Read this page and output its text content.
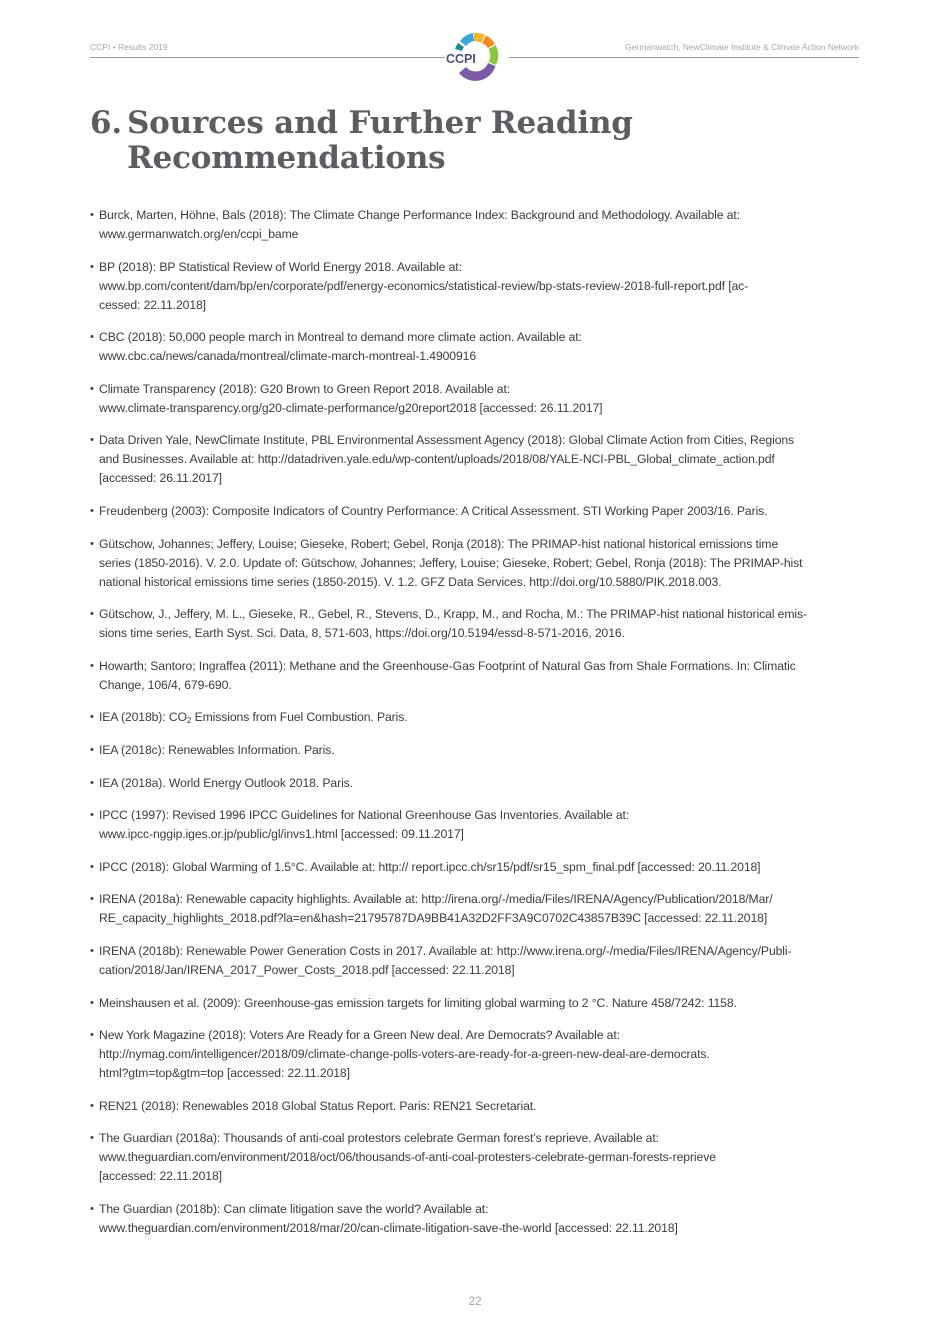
CCPI • Results 2019
CCPI
Germanwatch, NewClimate Institute & Climate Action Network
6. Sources and Further Reading
Recommendations
• Burck, Marten, Höhne, Bals (2018): The Climate Change Performance Index: Background and Methodology. Available at:
www.germanwatch.org/en/ccpi_bame
• BP (2018): BP Statistical Review of World Energy 2018. Available at:
www.bp.com/content/dam/bp/en/corporate/pdf/energy-economics/statistical-review/bp-stats-review-2018-full-report.pdf [ac-
cessed: 22.11.2018]
• CBC (2018): 50,000 people march in Montreal to demand more climate action. Available at:
www.cbc.ca/news/canada/montreal/climate-march-montreal-1.4900916
• Climate Transparency (2018): G20 Brown to Green Report 2018. Available at:
www.climate-transparency.org/g20-climate-performance/g20report2018 [accessed: 26.11.2017]
• Data Driven Yale, NewClimate Institute, PBL Environmental Assessment Agency (2018): Global Climate Action from Cities, Regions
and Businesses. Available at: http://datadriven.yale.edu/wp-content/uploads/2018/08/YALE-NCI-PBL_Global_climate_action.pdf
[accessed: 26.11.2017]
• Freudenberg (2003): Composite Indicators of Country Performance: A Critical Assessment. STI Working Paper 2003/16. Paris.
• Gütschow, Johannes; Jeffery, Louise; Gieseke, Robert; Gebel, Ronja (2018): The PRIMAP-hist national historical emissions time
series (1850-2016). V. 2.0. Update of: Gütschow, Johannes; Jeffery, Louise; Gieseke, Robert; Gebel, Ronja (2018): The PRIMAP-hist
national historical emissions time series (1850-2015). V. 1.2. GFZ Data Services. http://doi.org/10.5880/PIK.2018.003.
• Gütschow, J., Jeffery, M. L., Gieseke, R., Gebel, R., Stevens, D., Krapp, M., and Rocha, M.: The PRIMAP-hist national historical emis-
sions time series, Earth Syst. Sci. Data, 8, 571-603, https://doi.org/10.5194/essd-8-571-2016, 2016.
• Howarth; Santoro; Ingraffea (2011): Methane and the Greenhouse-Gas Footprint of Natural Gas from Shale Formations. In: Climatic
Change, 106/4, 679-690.
• IEA (2018b): $CO_2$ Emissions from Fuel Combustion. Paris.
• IEA (2018c): Renewables Information. Paris.
• IEA (2018a). World Energy Outlook 2018. Paris.
• IPCC (1997): Revised 1996 IPCC Guidelines for National Greenhouse Gas Inventories. Available at:
www.ipcc-nggip.iges.or.jp/public/gl/invs1.html [accessed: 09.11.2017]
• IPCC (2018): Global Warming of 1.5°C. Available at: http:// report.ipcc.ch/sr15/pdf/sr15_spm_final.pdf [accessed: 20.11.2018]
• IRENA (2018a): Renewable capacity highlights. Available at: http://irena.org/-/media/Files/IRENA/Agency/Publication/2018/Mar/
RE_capacity_highlights_2018.pdf?la=en&hash=21795787DA9BB41A32D2FF3A9C0702C43857B39C [accessed: 22.11.2018]
• IRENA (2018b): Renewable Power Generation Costs in 2017. Available at: http://www.irena.org/-/media/Files/IRENA/Agency/Publi-
cation/2018/Jan/IRENA_2017_Power_Costs_2018.pdf [accessed: 22.11.2018]
• Meinshausen et al. (2009): Greenhouse-gas emission targets for limiting global warming to 2 °C. Nature 458/7242: 1158.
• New York Magazine (2018): Voters Are Ready for a Green New deal. Are Democrats? Available at:
http://nymag.com/intelligencer/2018/09/climate-change-polls-voters-are-ready-for-a-green-new-deal-are-democrats.
html?gtm=top&gtm=top [accessed: 22.11.2018]
• REN21 (2018): Renewables 2018 Global Status Report. Paris: REN21 Secretariat.
• The Guardian (2018a): Thousands of anti-coal protestors celebrate German forest’s reprieve. Available at:
www.theguardian.com/environment/2018/oct/06/thousands-of-anti-coal-protesters-celebrate-german-forests-reprieve
[accessed: 22.11.2018]
• The Guardian (2018b): Can climate litigation save the world? Available at:
www.theguardian.com/environment/2018/mar/20/can-climate-litigation-save-the-world [accessed: 22.11.2018]
22
